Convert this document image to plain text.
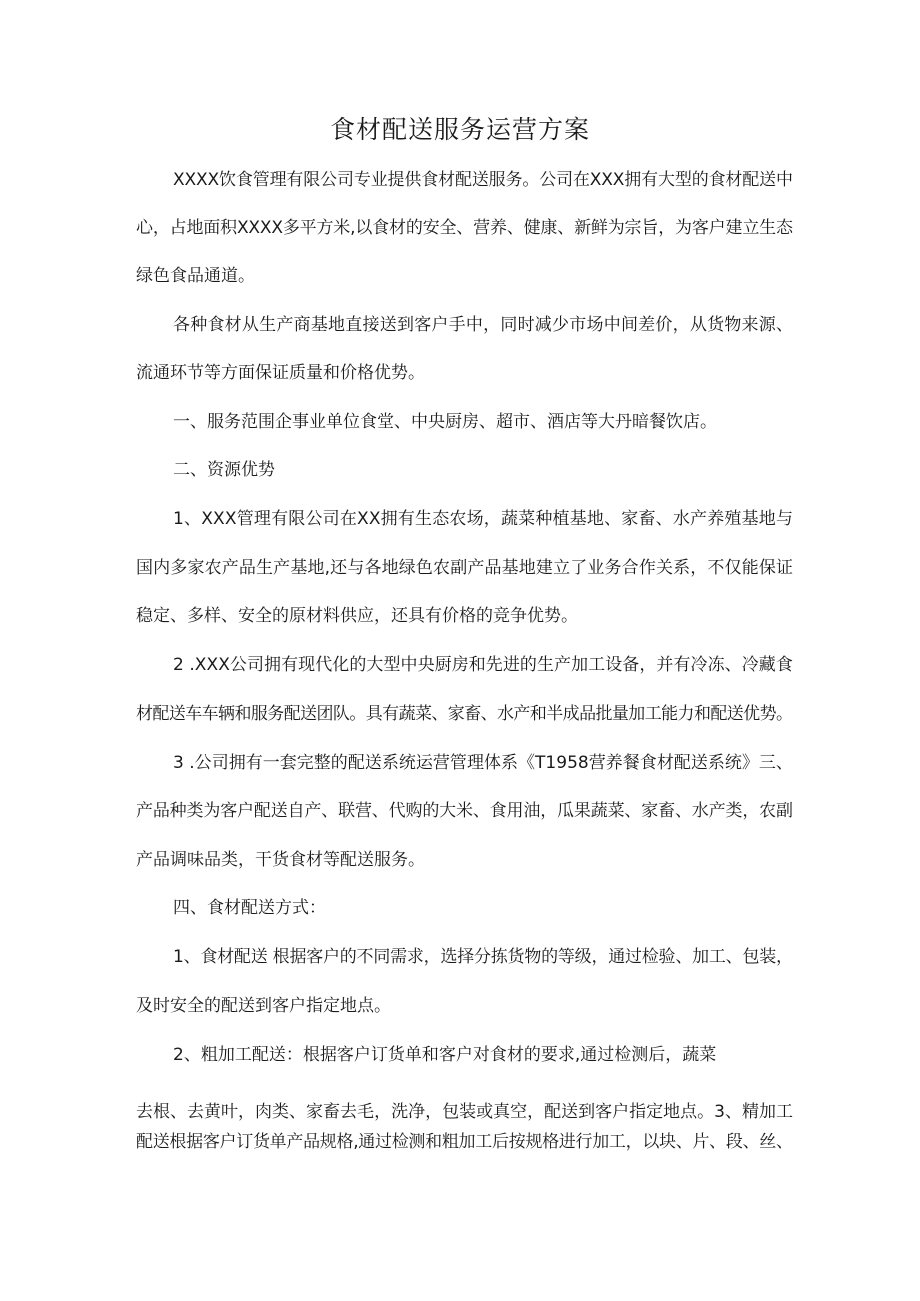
食材配送服务运营方案

XXXX饮食管理有限公司专业提供食材配送服务。公司在XXX拥有大型的食材配送中

心，占地面积XXXX多平方米,以食材的安全、营养、健康、新鲜为宗旨，为客户建立生态

绿色食品通道。

各种食材从生产商基地直接送到客户手中，同时减少市场中间差价，从货物来源、

流通环节等方面保证质量和价格优势。

一、服务范围企事业单位食堂、中央厨房、超市、酒店等大丹暗餐饮店。

二、资源优势

1、XXX管理有限公司在XX拥有生态农场，蔬菜种植基地、家畜、水产养殖基地与

国内多家农产品生产基地,还与各地绿色农副产品基地建立了业务合作关系，不仅能保证

稳定、多样、安全的原材料供应，还具有价格的竞争优势。

2 .XXX公司拥有现代化的大型中央厨房和先进的生产加工设备，并有冷冻、冷藏食

材配送车车辆和服务配送团队。具有蔬菜、家畜、水产和半成品批量加工能力和配送优势。

3 .公司拥有一套完整的配送系统运营管理体系《T1958营养餐食材配送系统》三、

产品种类为客户配送自产、联营、代购的大米、食用油，瓜果蔬菜、家畜、水产类，农副

产品调味品类，干货食材等配送服务。

四、食材配送方式：

1、食材配送 根据客户的不同需求，选择分拣货物的等级，通过检验、加工、包装，

及时安全的配送到客户指定地点。

2、粗加工配送：根据客户订货单和客户对食材的要求,通过检测后，蔬菜

去根、去黄叶，肉类、家畜去毛，洗净，包装或真空，配送到客户指定地点。3、精加工

配送根据客户订货单产品规格,通过检测和粗加工后按规格进行加工，以块、片、段、丝、
